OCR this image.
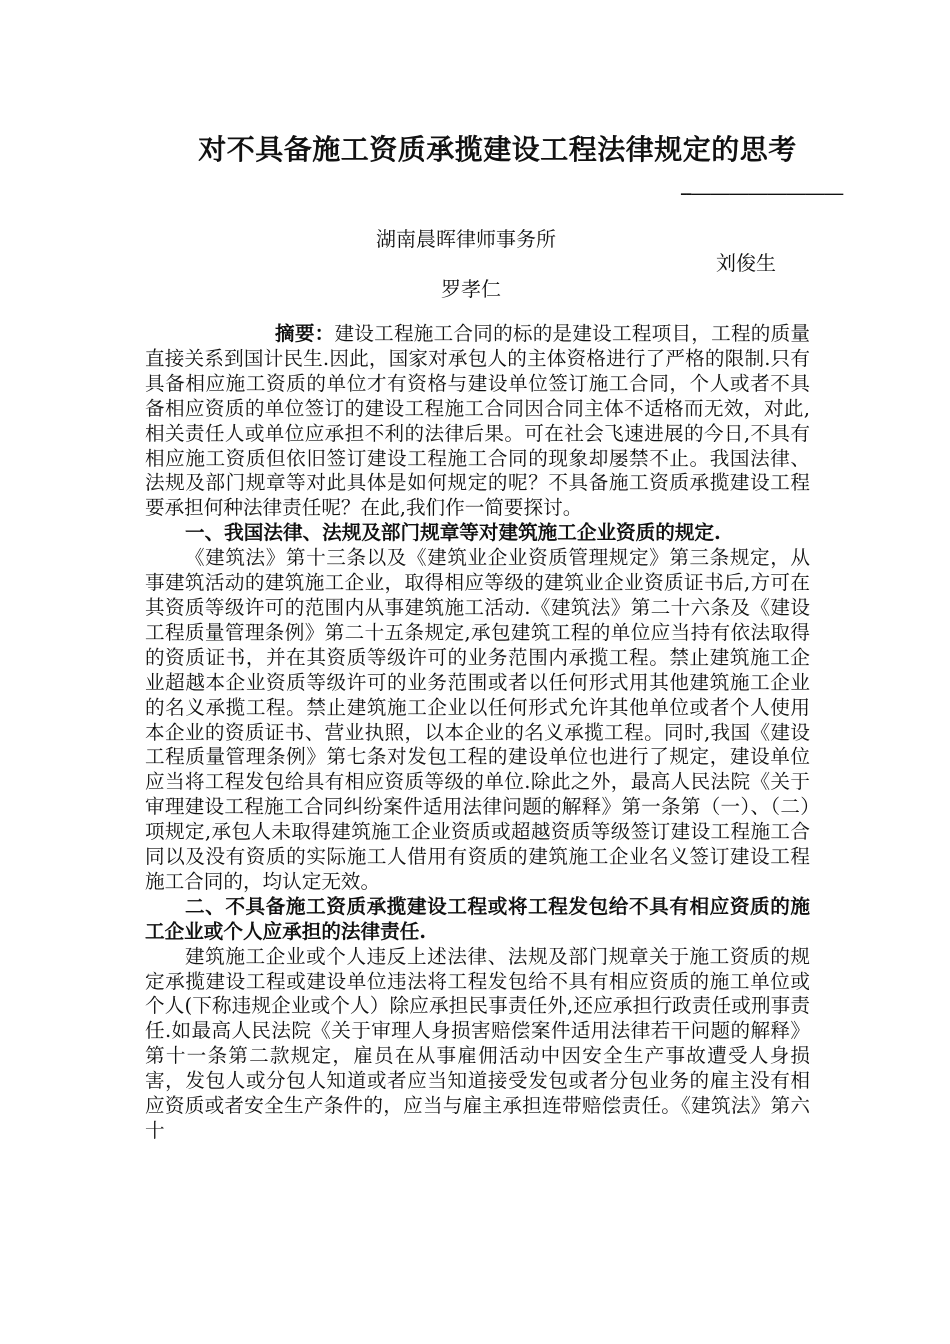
对不具备施工资质承揽建设工程法律规定的思考
--————————
湖南晨晖律师事务所
刘俊生
罗孝仁

摘要：建设工程施工合同的标的是建设工程项目，工程的质量直接关系到国计民生.因此，国家对承包人的主体资格进行了严格的限制.只有具备相应施工资质的单位才有资格与建设单位签订施工合同，个人或者不具备相应资质的单位签订的建设工程施工合同因合同主体不适格而无效，对此,相关责任人或单位应承担不利的法律后果。可在社会飞速进展的今日,不具有相应施工资质但依旧签订建设工程施工合同的现象却屡禁不止。我国法律、法规及部门规章等对此具体是如何规定的呢？不具备施工资质承揽建设工程要承担何种法律责任呢？在此,我们作一简要探讨。

一、我国法律、法规及部门规章等对建筑施工企业资质的规定.

《建筑法》第十三条以及《建筑业企业资质管理规定》第三条规定，从事建筑活动的建筑施工企业，取得相应等级的建筑业企业资质证书后,方可在其资质等级许可的范围内从事建筑施工活动.《建筑法》第二十六条及《建设工程质量管理条例》第二十五条规定,承包建筑工程的单位应当持有依法取得的资质证书，并在其资质等级许可的业务范围内承揽工程。禁止建筑施工企业超越本企业资质等级许可的业务范围或者以任何形式用其他建筑施工企业的名义承揽工程。禁止建筑施工企业以任何形式允许其他单位或者个人使用本企业的资质证书、营业执照，以本企业的名义承揽工程。同时,我国《建设工程质量管理条例》第七条对发包工程的建设单位也进行了规定，建设单位应当将工程发包给具有相应资质等级的单位.除此之外，最高人民法院《关于审理建设工程施工合同纠纷案件适用法律问题的解释》第一条第（一）、（二）项规定,承包人未取得建筑施工企业资质或超越资质等级签订建设工程施工合同以及没有资质的实际施工人借用有资质的建筑施工企业名义签订建设工程施工合同的，均认定无效。

二、不具备施工资质承揽建设工程或将工程发包给不具有相应资质的施工企业或个人应承担的法律责任.

建筑施工企业或个人违反上述法律、法规及部门规章关于施工资质的规定承揽建设工程或建设单位违法将工程发包给不具有相应资质的施工单位或个人(下称违规企业或个人）除应承担民事责任外,还应承担行政责任或刑事责任.如最高人民法院《关于审理人身损害赔偿案件适用法律若干问题的解释》第十一条第二款规定，雇员在从事雇佣活动中因安全生产事故遭受人身损害，发包人或分包人知道或者应当知道接受发包或者分包业务的雇主没有相应资质或者安全生产条件的，应当与雇主承担连带赔偿责任。《建筑法》第六十
